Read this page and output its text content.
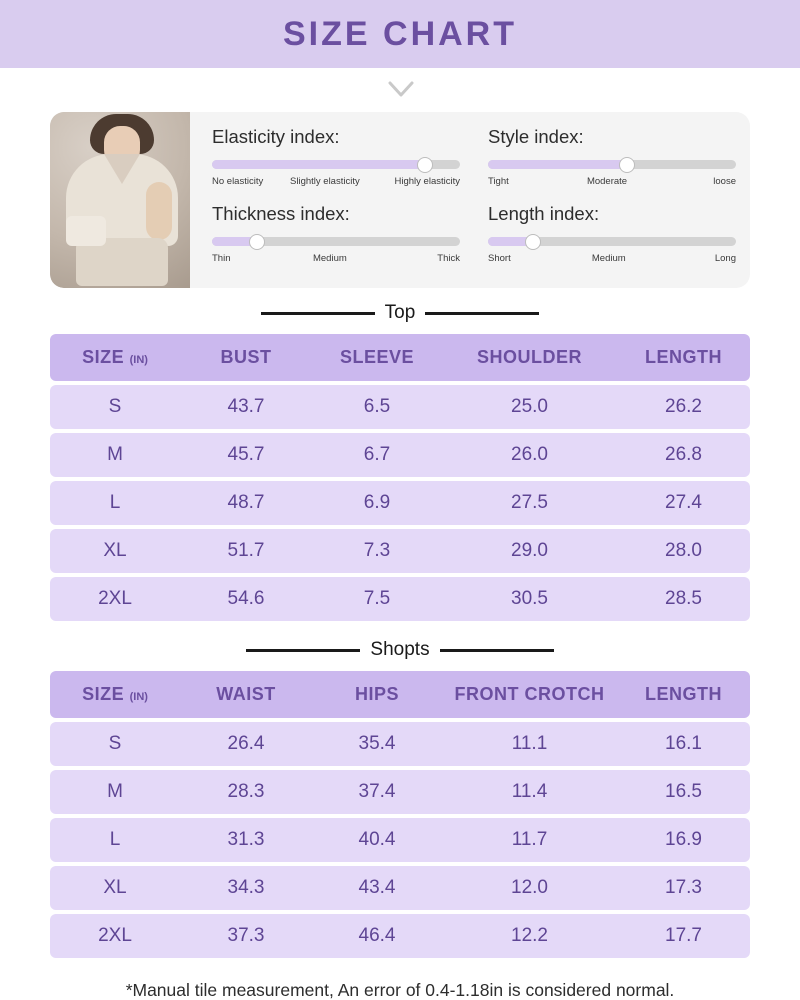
SIZE CHART
Elasticity index:
No elasticity	Slightly elasticity	Highly elasticity
Style index:
Tight	Moderate	loose
Thickness index:
Thin	Medium	Thick
Length index:
Short	Medium	Long
Top
SIZE (IN)	BUST	SLEEVE	SHOULDER	LENGTH
S	43.7	6.5	25.0	26.2
M	45.7	6.7	26.0	26.8
L	48.7	6.9	27.5	27.4
XL	51.7	7.3	29.0	28.0
2XL	54.6	7.5	30.5	28.5
Shopts
SIZE (IN)	WAIST	HIPS	FRONT CROTCH	LENGTH
S	26.4	35.4	11.1	16.1
M	28.3	37.4	11.4	16.5
L	31.3	40.4	11.7	16.9
XL	34.3	43.4	12.0	17.3
2XL	37.3	46.4	12.2	17.7
*Manual tile measurement, An error of 0.4-1.18in is considered normal.
